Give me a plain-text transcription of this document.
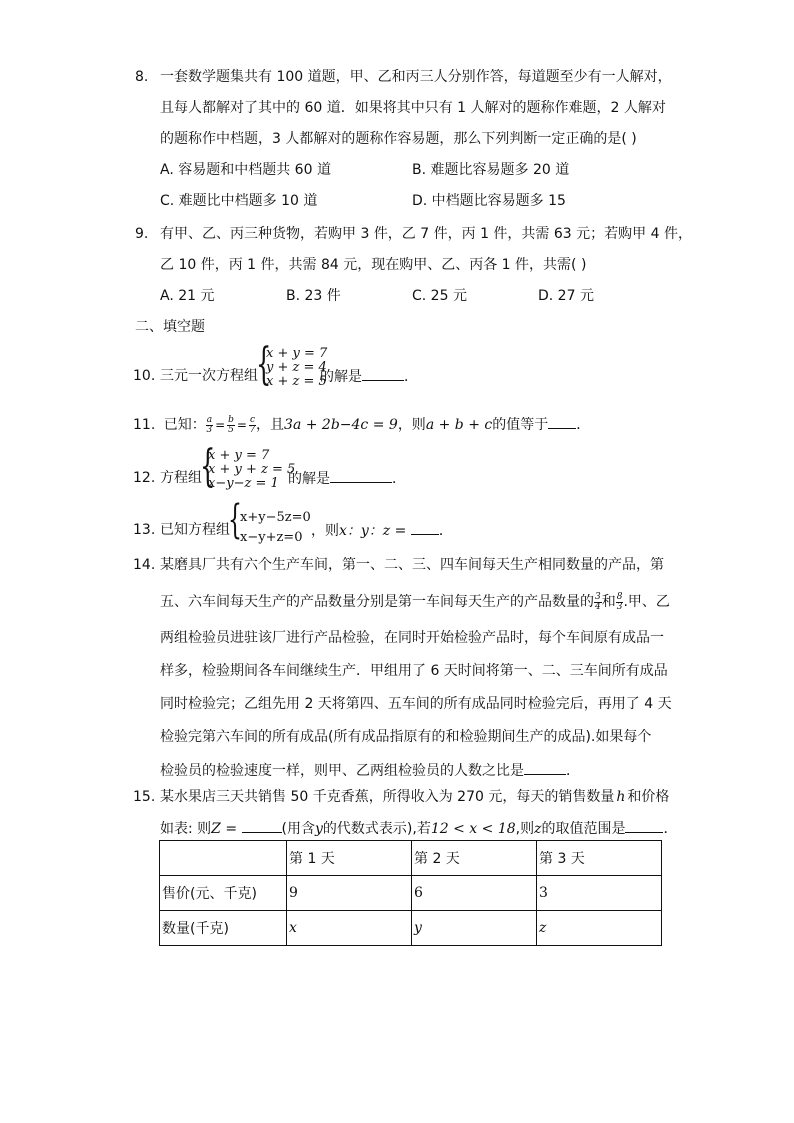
8. 一套数学题集共有 100 道题，甲、乙和丙三人分别作答，每道题至少有一人解对，
且每人都解对了其中的 60 道．如果将其中只有 1 人解对的题称作难题，2 人解对
的题称作中档题，3 人都解对的题称作容易题，那么下列判断一定正确的是( )
A. 容易题和中档题共 60 道	B. 难题比容易题多 20 道
C. 难题比中档题多 10 道	D. 中档题比容易题多 15
9. 有甲、乙、丙三种货物，若购甲 3 件，乙 7 件，丙 1 件，共需 63 元；若购甲 4 件，
乙 10 件，丙 1 件，共需 84 元，现在购甲、乙、丙各 1 件，共需( )
A. 21 元	B. 23 件	C. 25 元	D. 27 元
二、填空题
10. 三元一次方程组
{
x + y = 7
y + z = 4
x + z = 5
的解是	．
11. 已知： $\frac{a}{3} = \frac{b}{5} = \frac{c}{7}$ ，且3a + 2b−4c = 9，则a + b + c的值等于 ．
12. 方程组
{
x + y = 7
x + y + z = 5
x−y−z = 1 的解是	．
13. 已知方程组
{
x+y−5z=0
x−y+z=0 ，则x：y：z = ．
14. 某磨具厂共有六个生产车间，第一、二、三、四车间每天生产相同数量的产品，第
五、六车间每天生产的产品数量分别是第一车间每天生产的产品数量的 $\frac{3}{4}$ 和 $\frac{8}{3}$ .甲、乙
两组检验员进驻该厂进行产品检验，在同时开始检验产品时，每个车间原有成品一
样多，检验期间各车间继续生产．甲组用了 6 天时间将第一、二、三车间所有成品
同时检验完；乙组先用 2 天将第四、五车间的所有成品同时检验完后，再用了 4 天
检验完第六车间的所有成品(所有成品指原有的和检验期间生产的成品).如果每个
检验员的检验速度一样，则甲、乙两组检验员的人数之比是	．
15. 某水果店三天共销售 50 千克香蕉，所得收入为 270 元，每天的销售数量 h 和价格
如表: 则Z =	(用含y的代数式表示),若12 < x < 18,则z的取值范围是	．
	第 1 天	第 2 天	第 3 天
售价(元、千克)	9	6	3
数量(千克)	x	y	z
